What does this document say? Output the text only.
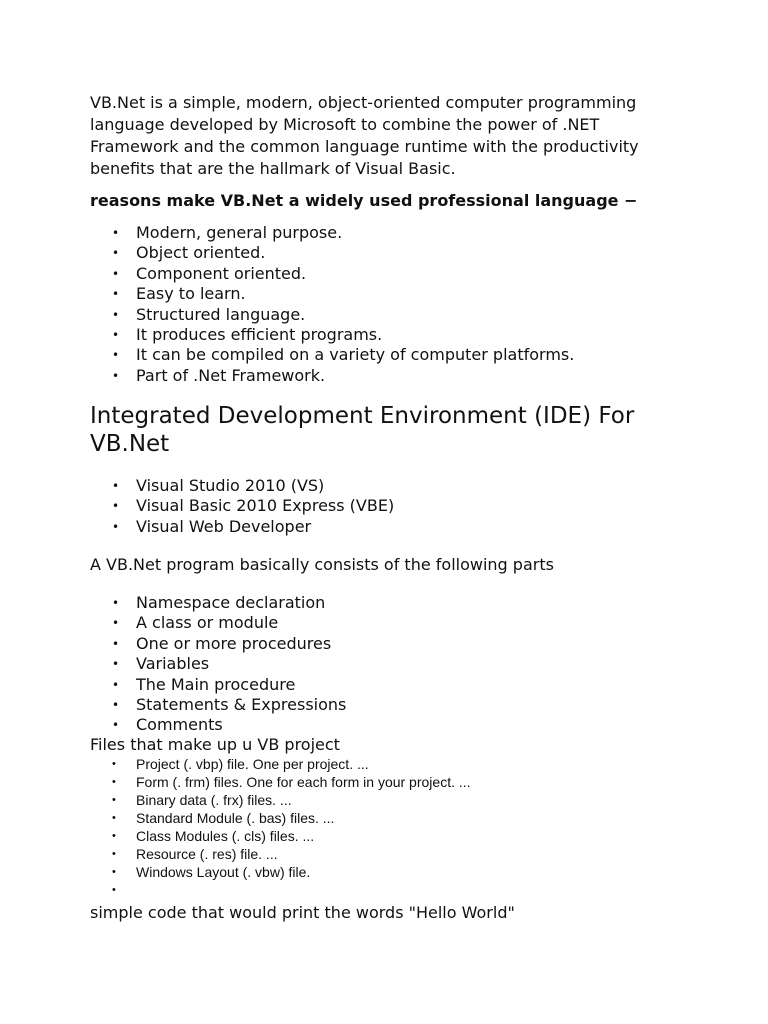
VB.Net is a simple, modern, object-oriented computer programming language developed by Microsoft to combine the power of .NET Framework and the common language runtime with the productivity benefits that are the hallmark of Visual Basic.

reasons make VB.Net a widely used professional language −

• Modern, general purpose.
• Object oriented.
• Component oriented.
• Easy to learn.
• Structured language.
• It produces efficient programs.
• It can be compiled on a variety of computer platforms.
• Part of .Net Framework.
Integrated Development Environment (IDE) For VB.Net
• Visual Studio 2010 (VS)
• Visual Basic 2010 Express (VBE)
• Visual Web Developer

A VB.Net program basically consists of the following parts

• Namespace declaration
• A class or module
• One or more procedures
• Variables
• The Main procedure
• Statements & Expressions
• Comments

Files that make up u VB project

• Project (. vbp) file. One per project. ...
• Form (. frm) files. One for each form in your project. ...
• Binary data (. frx) files. ...
• Standard Module (. bas) files. ...
• Class Modules (. cls) files. ...
• Resource (. res) file. ...
• Windows Layout (. vbw) file.
•

simple code that would print the words "Hello World"
